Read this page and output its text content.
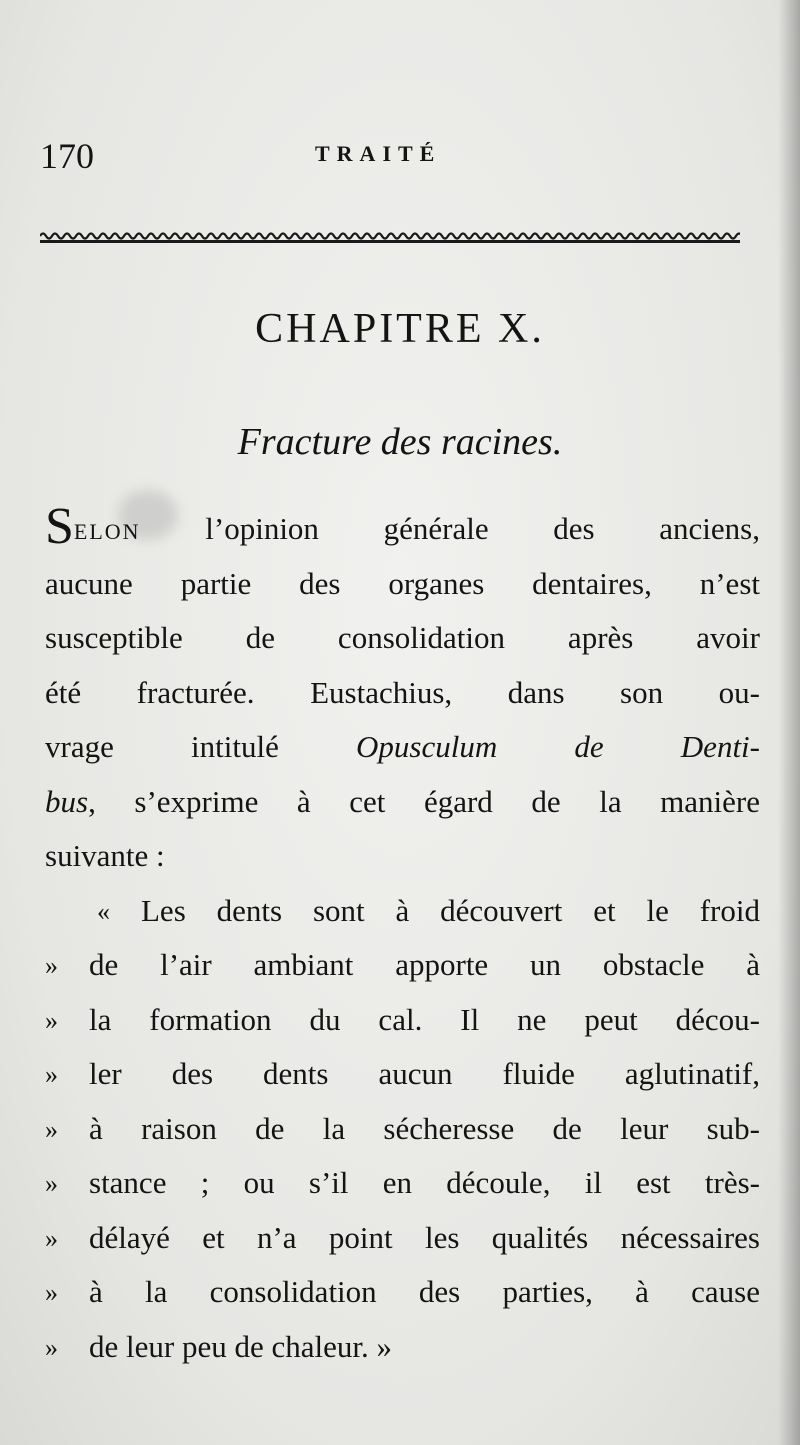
170	TRAITÉ
CHAPITRE X.
Fracture des racines.
SELON l’opinion générale des anciens,
aucune partie des organes dentaires, n’est
susceptible de consolidation après avoir
été fracturée. Eustachius, dans son ou-
vrage intitulé Opusculum de Denti-
bus, s’exprime à cet égard de la manière
suivante :
« Les dents sont à découvert et le froid
» de l’air ambiant apporte un obstacle à
» la formation du cal. Il ne peut décou-
» ler des dents aucun fluide aglutinatif,
» à raison de la sécheresse de leur sub-
» stance ; ou s’il en découle, il est très-
» délayé et n’a point les qualités nécessaires
» à la consolidation des parties, à cause
» de leur peu de chaleur. »
